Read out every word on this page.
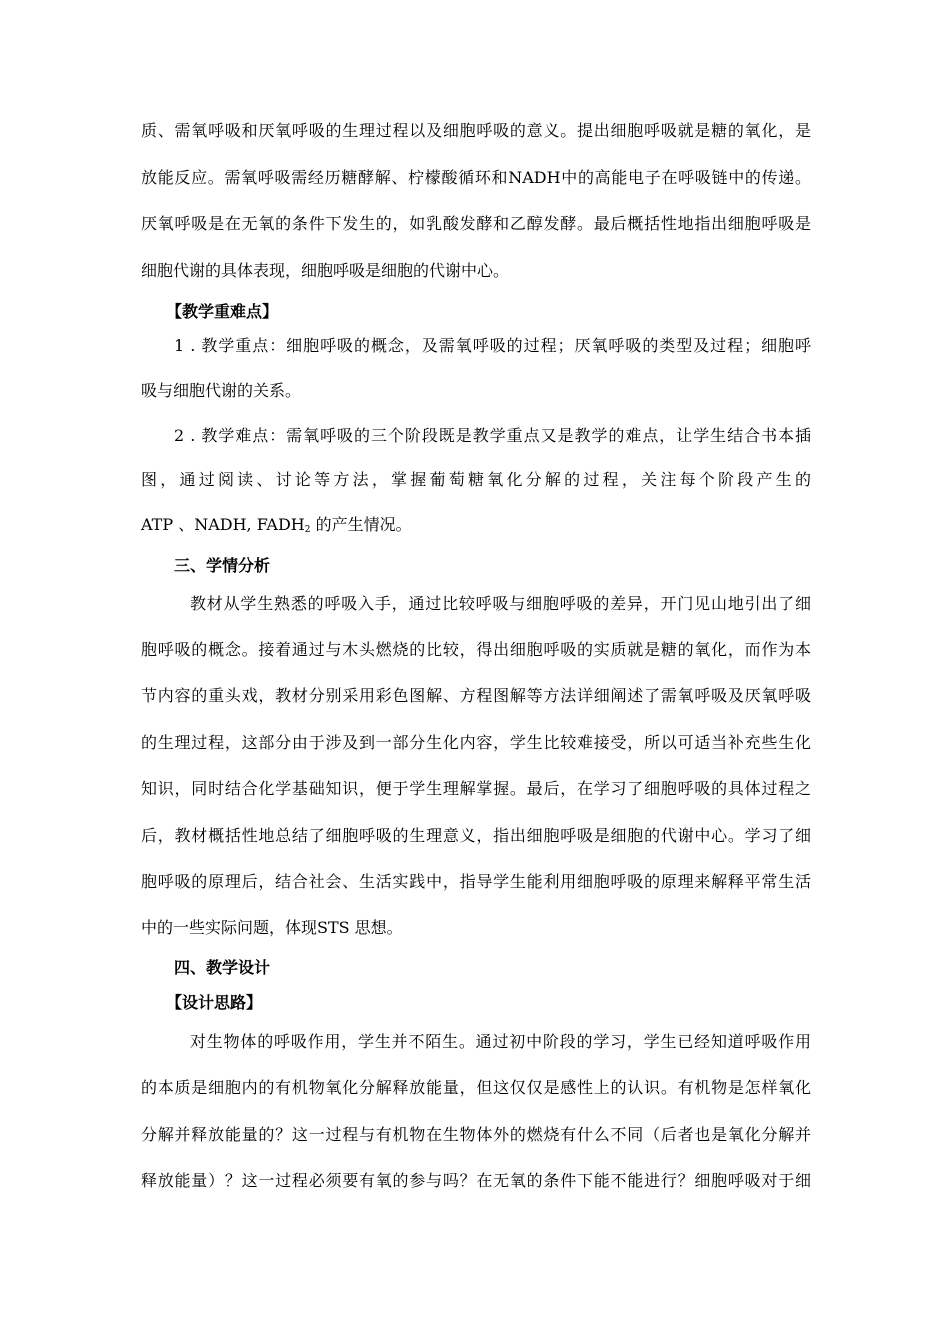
质、需氧呼吸和厌氧呼吸的生理过程以及细胞呼吸的意义。提出细胞呼吸就是糖的氧化，是
放能反应。需氧呼吸需经历糖酵解、柠檬酸循环和NADH中的高能电子在呼吸链中的传递。
厌氧呼吸是在无氧的条件下发生的，如乳酸发酵和乙醇发酵。最后概括性地指出细胞呼吸是
细胞代谢的具体表现，细胞呼吸是细胞的代谢中心。
【教学重难点】
1 . 教学重点：细胞呼吸的概念，及需氧呼吸的过程；厌氧呼吸的类型及过程；细胞呼
吸与细胞代谢的关系。
2 . 教学难点：需氧呼吸的三个阶段既是教学重点又是教学的难点，让学生结合书本插
图，通过阅读、讨论等方法，掌握葡萄糖氧化分解的过程，关注每个阶段产生的
ATP 、NADH, $FADH_2$ 的产生情况。
三、学情分析
教材从学生熟悉的呼吸入手，通过比较呼吸与细胞呼吸的差异，开门见山地引出了细
胞呼吸的概念。接着通过与木头燃烧的比较，得出细胞呼吸的实质就是糖的氧化，而作为本
节内容的重头戏，教材分别采用彩色图解、方程图解等方法详细阐述了需氧呼吸及厌氧呼吸
的生理过程，这部分由于涉及到一部分生化内容，学生比较难接受，所以可适当补充些生化
知识，同时结合化学基础知识，便于学生理解掌握。最后，在学习了细胞呼吸的具体过程之
后，教材概括性地总结了细胞呼吸的生理意义，指出细胞呼吸是细胞的代谢中心。学习了细
胞呼吸的原理后，结合社会、生活实践中，指导学生能利用细胞呼吸的原理来解释平常生活
中的一些实际问题，体现STS 思想。
四、教学设计
【设计思路】
对生物体的呼吸作用，学生并不陌生。通过初中阶段的学习，学生已经知道呼吸作用
的本质是细胞内的有机物氧化分解释放能量，但这仅仅是感性上的认识。有机物是怎样氧化
分解并释放能量的？这一过程与有机物在生物体外的燃烧有什么不同（后者也是氧化分解并
释放能量）？这一过程必须要有氧的参与吗？在无氧的条件下能不能进行？细胞呼吸对于细
